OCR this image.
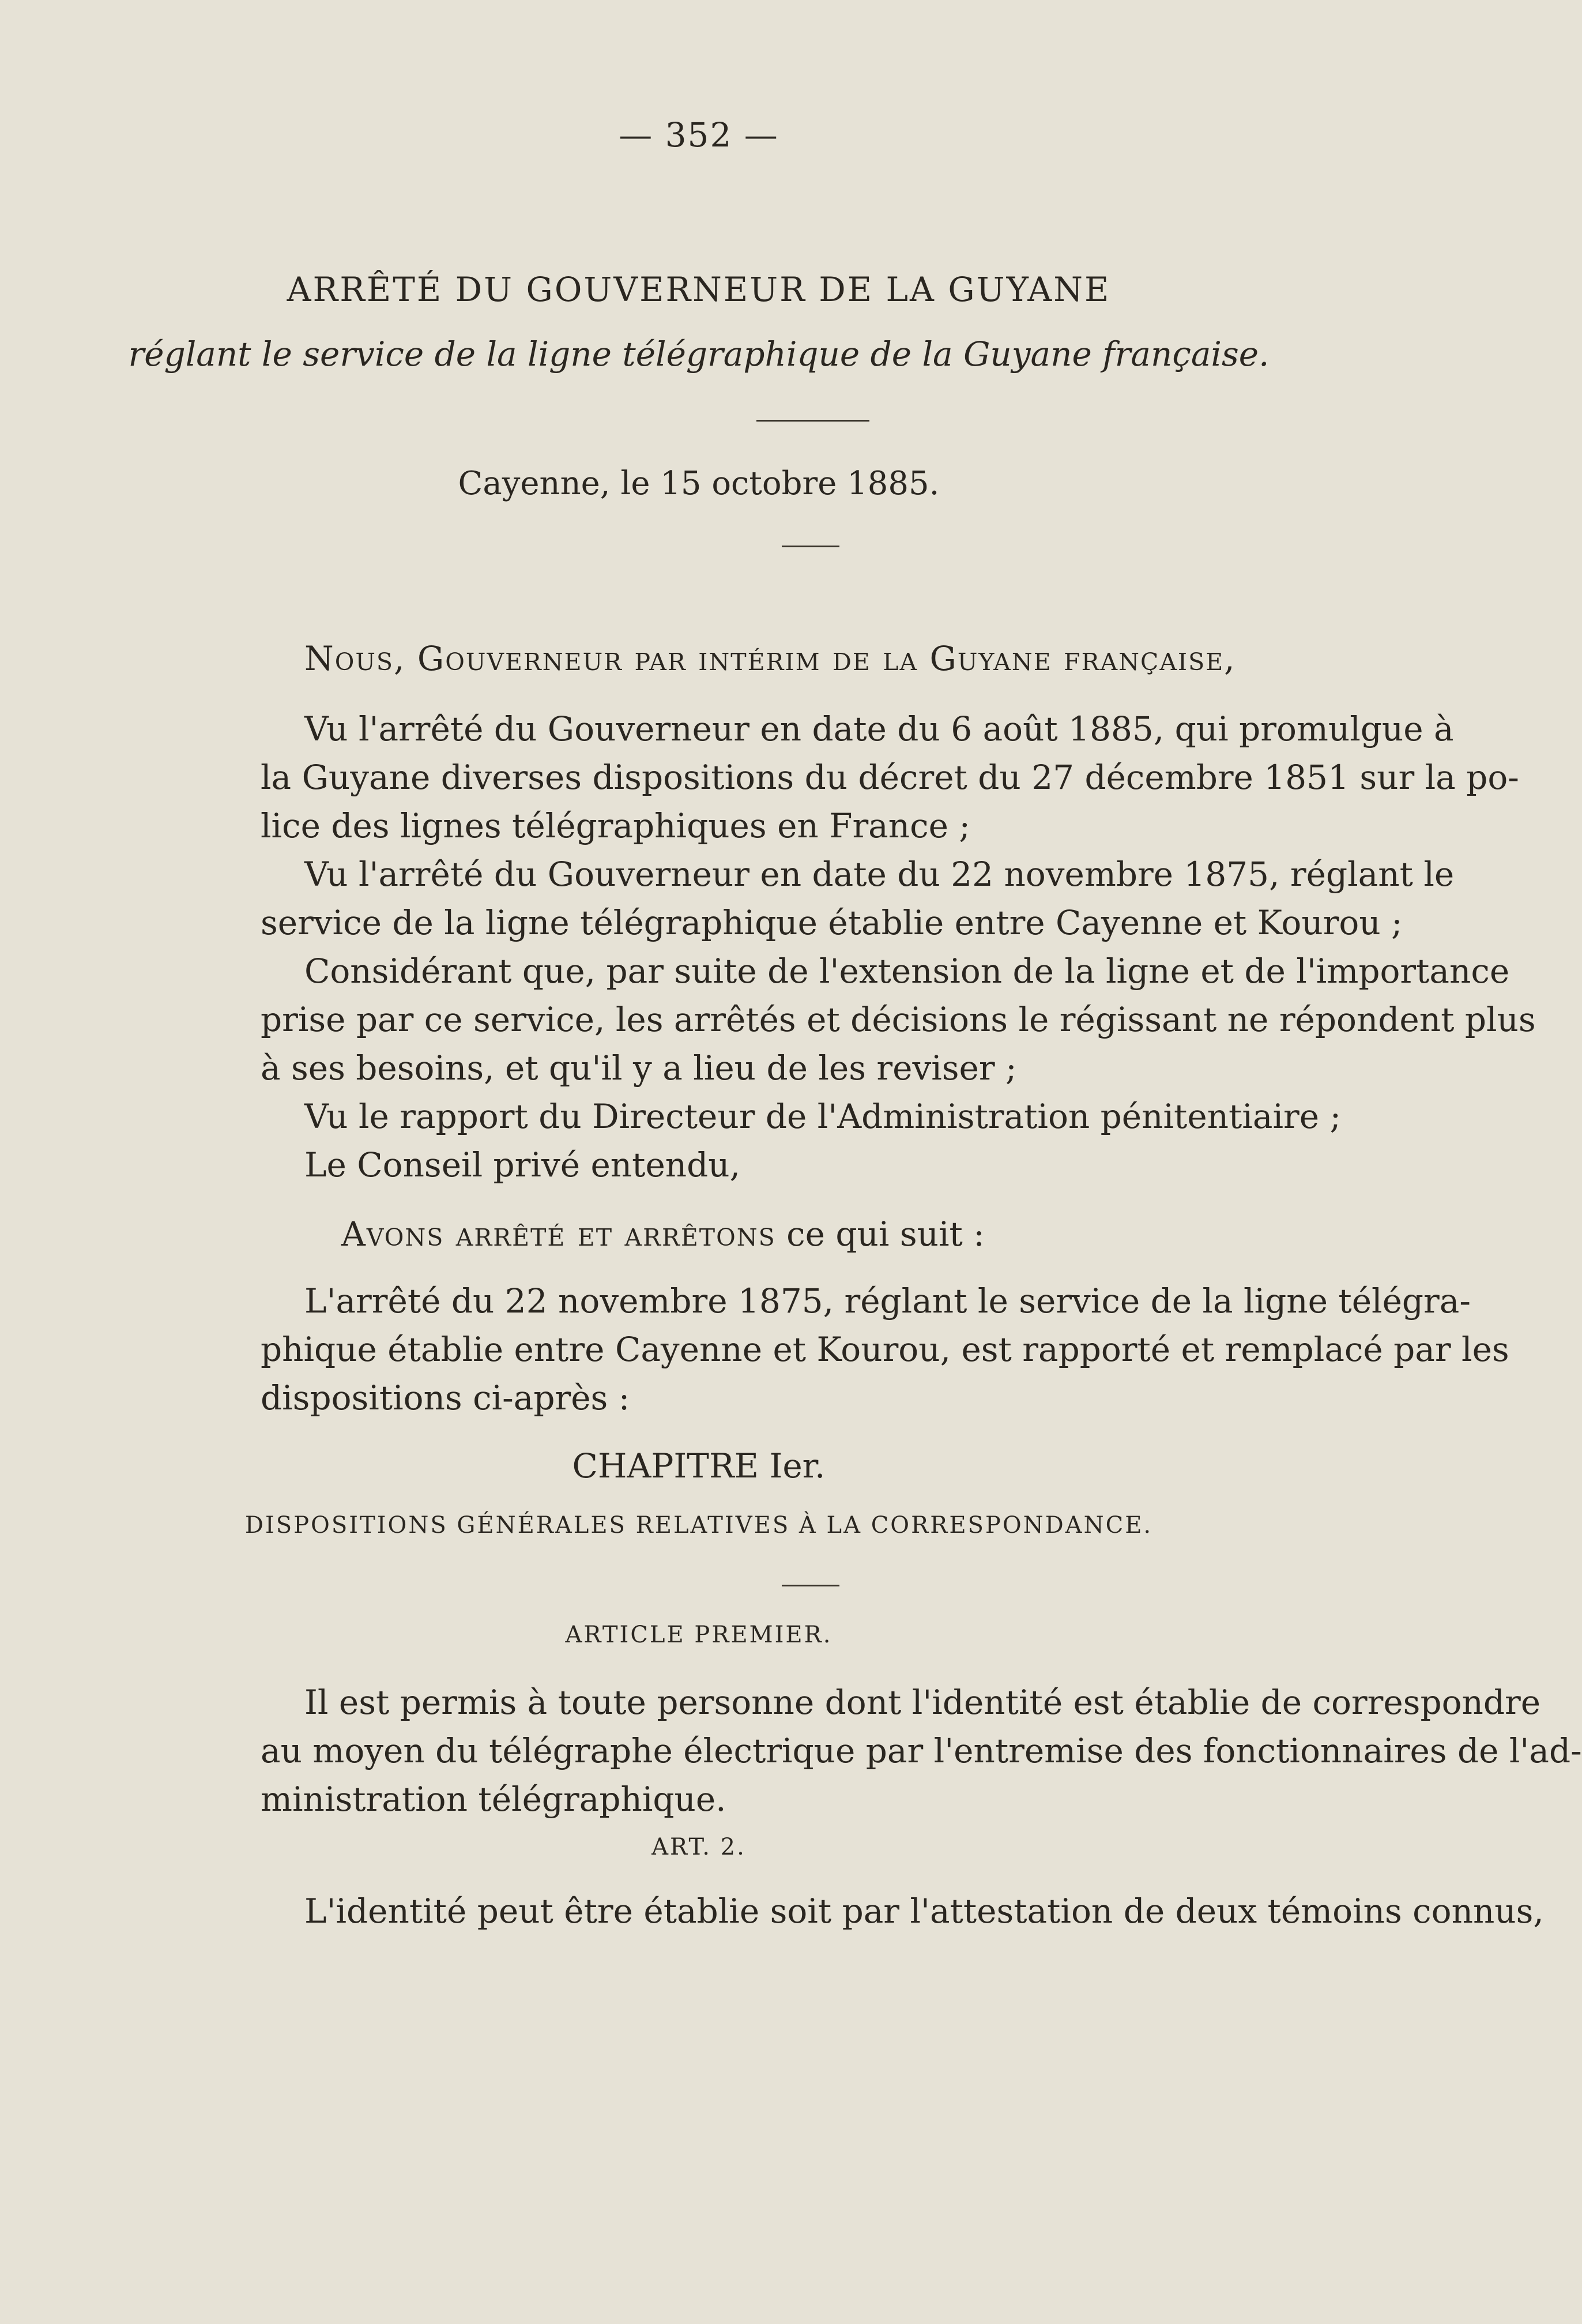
— 352 —
ARRÊTÉ DU GOUVERNEUR DE LA GUYANE
réglant le service de la ligne télégraphique de la Guyane française.
Cayenne, le 15 octobre 1885.
Nous, Gouverneur par intérim de la Guyane française,
Vu l'arrêté du Gouverneur en date du 6 août 1885, qui promulgue à
la Guyane diverses dispositions du décret du 27 décembre 1851 sur la po-
lice des lignes télégraphiques en France ;
Vu l'arrêté du Gouverneur en date du 22 novembre 1875, réglant le
service de la ligne télégraphique établie entre Cayenne et Kourou ;
Considérant que, par suite de l'extension de la ligne et de l'importance
prise par ce service, les arrêtés et décisions le régissant ne répondent plus
à ses besoins, et qu'il y a lieu de les reviser ;
Vu le rapport du Directeur de l'Administration pénitentiaire ;
Le Conseil privé entendu,
Avons arrêté et arrêtons ce qui suit :
L'arrêté du 22 novembre 1875, réglant le service de la ligne télégra-
phique établie entre Cayenne et Kourou, est rapporté et remplacé par les
dispositions ci-après :
CHAPITRE Ier.
DISPOSITIONS GÉNÉRALES RELATIVES À LA CORRESPONDANCE.
ARTICLE PREMIER.
Il est permis à toute personne dont l'identité est établie de correspondre
au moyen du télégraphe électrique par l'entremise des fonctionnaires de l'ad-
ministration télégraphique.
ART. 2.
L'identité peut être établie soit par l'attestation de deux témoins connus,
